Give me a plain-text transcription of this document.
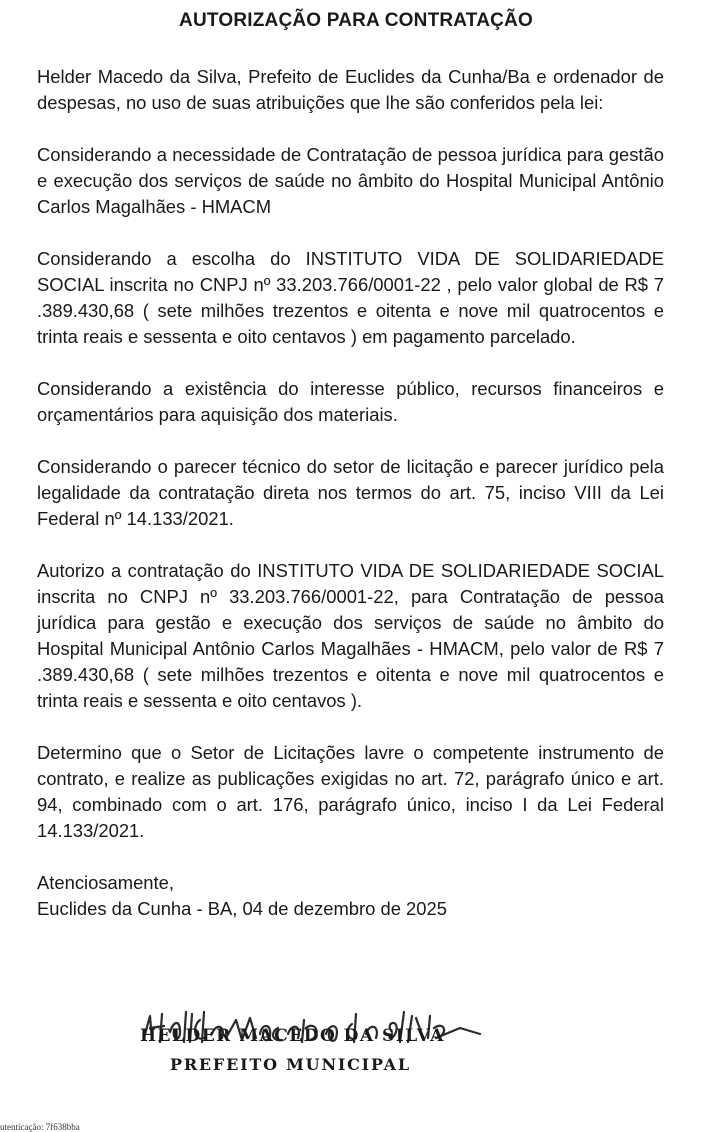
AUTORIZAÇÃO PARA CONTRATAÇÃO

Helder Macedo da Silva, Prefeito de Euclides da Cunha/Ba e ordenador de despesas, no uso de suas atribuições que lhe são conferidos pela lei:

Considerando a necessidade de Contratação de pessoa jurídica para gestão e execução dos serviços de saúde no âmbito do Hospital Municipal Antônio Carlos Magalhães - HMACM

Considerando a escolha do INSTITUTO VIDA DE SOLIDARIEDADE SOCIAL inscrita no CNPJ nº 33.203.766/0001-22 , pelo valor global de R$ 7 .389.430,68 ( sete milhões trezentos e oitenta e nove mil quatrocentos e trinta reais e sessenta e oito centavos ) em pagamento parcelado.

Considerando a existência do interesse público, recursos financeiros e orçamentários para aquisição dos materiais.

Considerando o parecer técnico do setor de licitação e parecer jurídico pela legalidade da contratação direta nos termos do art. 75, inciso VIII da Lei Federal nº 14.133/2021.

Autorizo a contratação do INSTITUTO VIDA DE SOLIDARIEDADE SOCIAL inscrita no CNPJ nº 33.203.766/0001-22, para Contratação de pessoa jurídica para gestão e execução dos serviços de saúde no âmbito do Hospital Municipal Antônio Carlos Magalhães - HMACM, pelo valor de R$ 7 .389.430,68 ( sete milhões trezentos e oitenta e nove mil quatrocentos e trinta reais e sessenta e oito centavos ).

Determino que o Setor de Licitações lavre o competente instrumento de contrato, e realize as publicações exigidas no art. 72, parágrafo único e art. 94, combinado com o art. 176, parágrafo único, inciso I da Lei Federal 14.133/2021.

Atenciosamente,

Euclides da Cunha - BA, 04 de dezembro de 2025

HELDER MACEDO DA SILVA
PREFEITO MUNICIPAL
utenticação: 7f638bba
